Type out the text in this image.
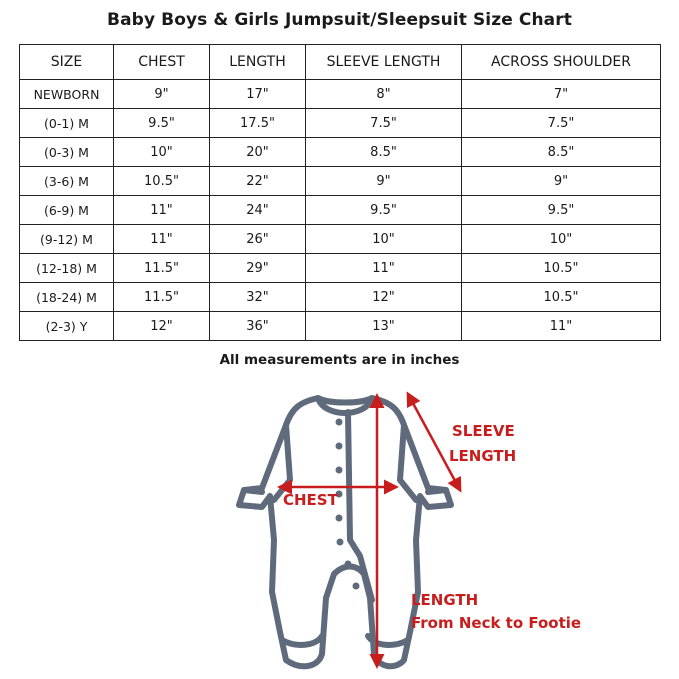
Baby Boys & Girls Jumpsuit/Sleepsuit Size Chart
SIZE	CHEST	LENGTH	SLEEVE LENGTH	ACROSS SHOULDER
NEWBORN	9"	17"	8"	7"
(0-1) M	9.5"	17.5"	7.5"	7.5"
(0-3) M	10"	20"	8.5"	8.5"
(3-6) M	10.5"	22"	9"	9"
(6-9) M	11"	24"	9.5"	9.5"
(9-12) M	11"	26"	10"	10"
(12-18) M	11.5"	29"	11"	10.5"
(18-24) M	11.5"	32"	12"	10.5"
(2-3) Y	12"	36"	13"	11"
All measurements are in inches
CHEST
SLEEVE
LENGTH
LENGTH
From Neck to Footie
